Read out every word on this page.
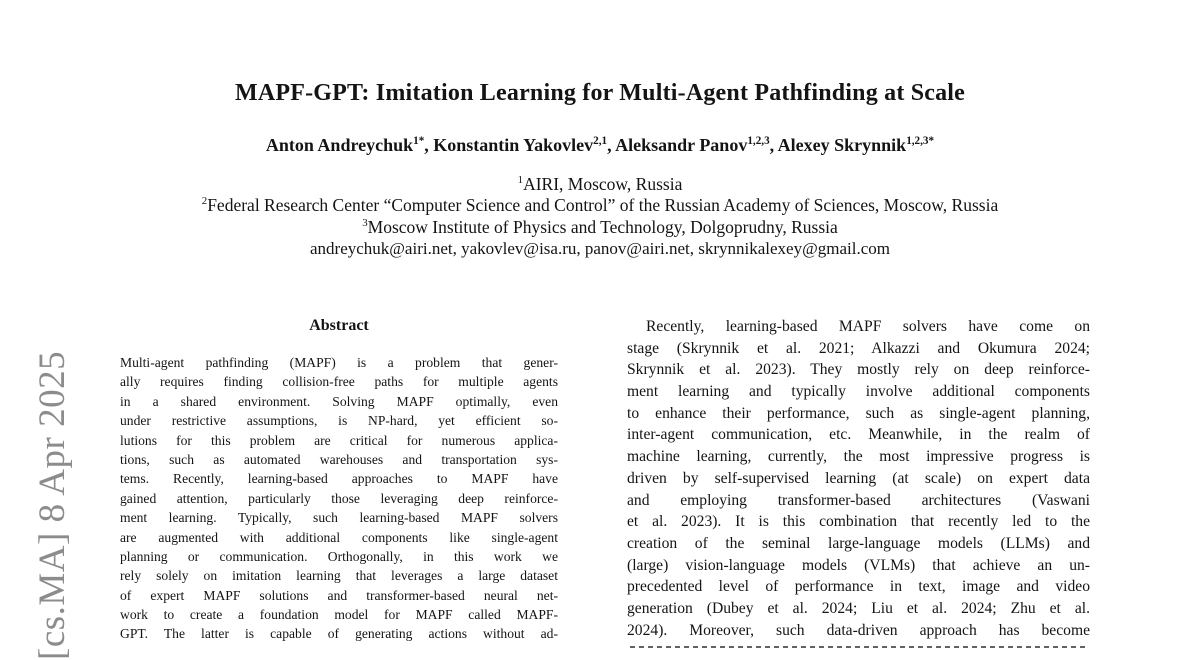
[cs.MA] 8 Apr 2025
MAPF-GPT: Imitation Learning for Multi-Agent Pathfinding at Scale
Anton Andreychuk$^{1*}$, Konstantin Yakovlev$^{2,1}$, Aleksandr Panov$^{1,2,3}$, Alexey Skrynnik$^{1,2,3*}$
$^1$AIRI, Moscow, Russia
$^2$Federal Research Center “Computer Science and Control” of the Russian Academy of Sciences, Moscow, Russia
$^3$Moscow Institute of Physics and Technology, Dolgoprudny, Russia
andreychuk@airi.net, yakovlev@isa.ru, panov@airi.net, skrynnikalexey@gmail.com
Abstract
Multi-agent pathfinding (MAPF) is a problem that gener-
ally requires finding collision-free paths for multiple agents
in a shared environment. Solving MAPF optimally, even
under restrictive assumptions, is NP-hard, yet efficient so-
lutions for this problem are critical for numerous applica-
tions, such as automated warehouses and transportation sys-
tems. Recently, learning-based approaches to MAPF have
gained attention, particularly those leveraging deep reinforce-
ment learning. Typically, such learning-based MAPF solvers
are augmented with additional components like single-agent
planning or communication. Orthogonally, in this work we
rely solely on imitation learning that leverages a large dataset
of expert MAPF solutions and transformer-based neural net-
work to create a foundation model for MAPF called MAPF-
GPT. The latter is capable of generating actions without ad-
Recently, learning-based MAPF solvers have come on
stage (Skrynnik et al. 2021; Alkazzi and Okumura 2024;
Skrynnik et al. 2023). They mostly rely on deep reinforce-
ment learning and typically involve additional components
to enhance their performance, such as single-agent planning,
inter-agent communication, etc. Meanwhile, in the realm of
machine learning, currently, the most impressive progress is
driven by self-supervised learning (at scale) on expert data
and employing transformer-based architectures (Vaswani
et al. 2023). It is this combination that recently led to the
creation of the seminal large-language models (LLMs) and
(large) vision-language models (VLMs) that achieve an un-
precedented level of performance in text, image and video
generation (Dubey et al. 2024; Liu et al. 2024; Zhu et al.
2024). Moreover, such data-driven approach has become
